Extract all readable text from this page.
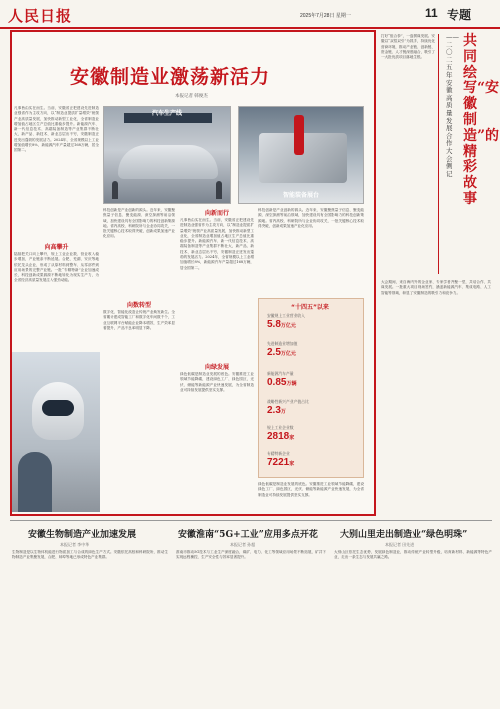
人民日报	2025年7月28日 星期一	11 专题
安徽制造业激荡新活力
本报记者 韩俊杰
凡事皆由实在而生。当前，安徽省正把建设先进制造业强省作为主攻方向，以“制造业提质扩量增效”统领产业高质量发展，加快推动新型工业化，全省制造业增加值占地区生产总值比重稳步提升。新能源汽车、新一代信息技术、高端装备制造等产业集群不断壮大，新产品、新技术、新业态层出不穷，安徽制造正迸发出蓬勃的发展活力。2024年，全省规模以上工业增加值增长8%，新能源汽车产量超过168万辆，居全国第二。
汽车生产线
智能装备展台
向高攀升
陆续把关口向上攀升，规上工业企业数、营业收入稳步增加，产业链条不断延展。合肥、芜湖、安庆等地依托龙头企业，形成了从原材料到整车、从零部件到应用场景的完整产业链。一批“专精特新”企业加速成长，科技创新成果源源不断地转化为现实生产力，为全省经济高质量发展注入强劲动能。
科技创新是产业创新的源头。近年来，安徽聚焦量子信息、聚变能源、深空探测等前沿领域，加快建设具有全国影响力的科技创新策源地。省内高校、科研院所与企业协同攻关，一批关键核心技术取得突破，创新成果加速产业化应用。
向数转型
数字化、智能化改造让传统产业焕发新生。全省累计建成智能工厂和数字化车间数千个，工业互联网平台赋能企业降本增效，生产效率显著提升，产品不良率明显下降。
向新而行
凡事皆由实在而生。当前，安徽省正把建设先进制造业强省作为主攻方向，以“制造业提质扩量增效”统领产业高质量发展，加快推动新型工业化，全省制造业增加值占地区生产总值比重稳步提升。新能源汽车、新一代信息技术、高端装备制造等产业集群不断壮大，新产品、新技术、新业态层出不穷，安徽制造正迸发出蓬勃的发展活力。2024年，全省规模以上工业增加值增长8%，新能源汽车产量超过168万辆，居全国第二。
向绿发展
绿色低碳是制造业发展的底色。安徽推进工业领域节能降碳，建设绿色工厂、绿色园区，光伏、储能等新能源产业快速发展，为全省制造业可持续发展提供坚实支撑。
科技创新是产业创新的源头。近年来，安徽聚焦量子信息、聚变能源、深空探测等前沿领域，加快建设具有全国影响力的科技创新策源地。省内高校、科研院所与企业协同攻关，一批关键核心技术取得突破，创新成果加速产业化应用。
“十四五”以来
安徽规上工业营业收入
5.8万亿元
先进制造业增加值
2.5万亿元
新能源汽车产量
0.85万辆
战略性新兴产业产值占比
2.3万
规上工业企业数
2818家
专精特新企业
7221家
绿色低碳是制造业发展的底色。安徽推进工业领域节能降碳，建设绿色工厂、绿色园区，光伏、储能等新能源产业快速发展，为全省制造业可持续发展提供坚实支撑。
打好“组合拳”，一盘棋谋发展。安徽以“双招双引”为抓手，持续优化营商环境，推动产业链、创新链、资金链、人才链深度融合，吸引了一大批优质项目落地生根。
——二〇二五年安徽高质量发展合作大会侧记
共同绘写“安徽制造”的精彩故事
大会期间，来自海内外的企业家、专家学者齐聚一堂，共话合作、共谋发展。一批重大项目现场签约，涵盖新能源汽车、集成电路、人工智能等领域，彰显了安徽制造的吸引力和竞争力。
安徽生物制造产业加速发展
本报记者 李中华
生物制造是以生物体机能进行物质加工与合成的绿色生产方式。安徽依托高校和科研院所，推动生物制造产业集聚发展，合肥、蚌埠等地已形成特色产业集群。
安徽淮南“5G+工业”应用多点开花
本报记者 孙超
淮南市推动5G技术与工业生产深度融合，煤矿、电力、化工等领域应用场景不断拓展，矿井下实现远程操控，生产安全性与效率显著提升。
大别山里走出制造业“绿色明珠”
本报记者 田先进
大别山区依托生态优势，发展绿色制造业，推动传统产业转型升级，培育新材料、新能源等特色产业，走出一条生态与发展共赢之路。
